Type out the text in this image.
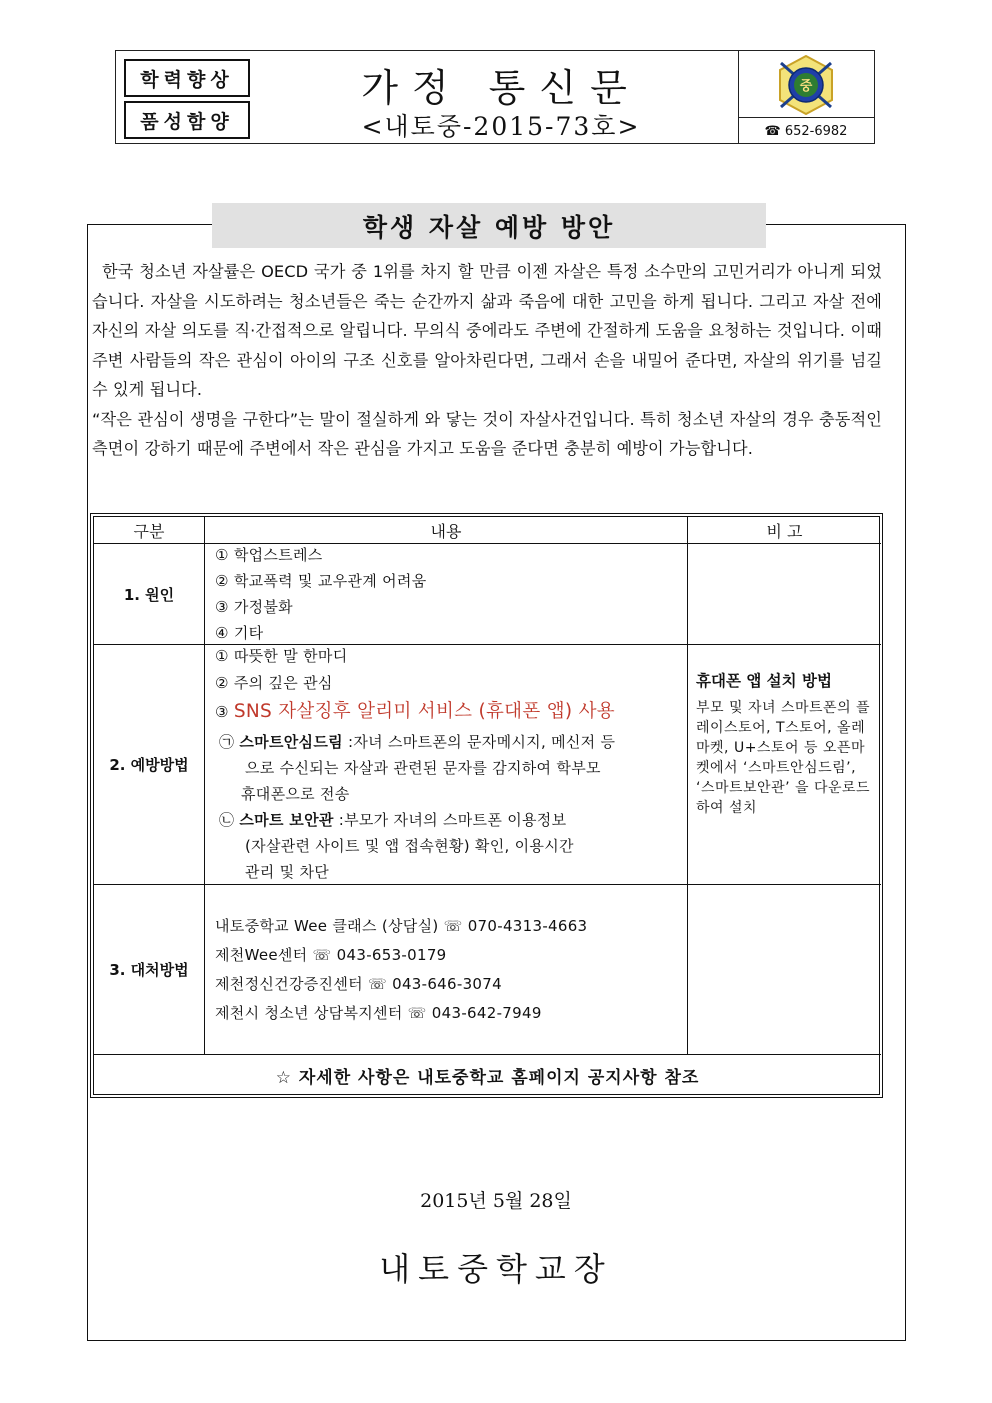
학력향상
품성함양
가정 통신문
<내토중-2015-73호>
중
☎ 652-6982
학생 자살 예방 방안

한국 청소년 자살률은 OECD 국가 중 1위를 차지 할 만큼 이젠 자살은 특정 소수만의 고민거리가 아니게 되었습니다. 자살을 시도하려는 청소년들은 죽는 순간까지 삶과 죽음에 대한 고민을 하게 됩니다. 그리고 자살 전에 자신의 자살 의도를 직·간접적으로 알립니다. 무의식 중에라도 주변에 간절하게 도움을 요청하는 것입니다. 이때 주변 사람들의 작은 관심이 아이의 구조 신호를 알아차린다면, 그래서 손을 내밀어 준다면, 자살의 위기를 넘길 수 있게 됩니다.

“작은 관심이 생명을 구한다”는 말이 절실하게 와 닿는 것이 자살사건입니다. 특히 청소년 자살의 경우 충동적인 측면이 강하기 때문에 주변에서 작은 관심을 가지고 도움을 준다면 충분히 예방이 가능합니다.

구분	내용	비 고
1. 원인
① 학업스트레스
② 학교폭력 및 교우관계 어려움
③ 가정불화
④ 기타
2. 예방방법
① 따뜻한 말 한마디
② 주의 깊은 관심
③ SNS 자살징후 알리미 서비스 (휴대폰 앱) 사용
㉠ 스마트안심드림 :자녀 스마트폰의 문자메시지, 메신저 등
으로 수신되는 자살과 관련된 문자를 감지하여 학부모
휴대폰으로 전송
㉡ 스마트 보안관 :부모가 자녀의 스마트폰 이용정보
(자살관련 사이트 및 앱 접속현황) 확인, 이용시간
관리 및 차단
휴대폰 앱 설치 방법
부모 및 자녀 스마트폰의 플레이스토어, T스토어, 올레마켓, U+스토어 등 오픈마켓에서 ‘스마트안심드림’, ‘스마트보안관’ 을 다운로드하여 설치
3. 대처방법
내토중학교 Wee 클래스 (상담실) ☏ 070-4313-4663
제천Wee센터 ☏ 043-653-0179
제천정신건강증진센터 ☏ 043-646-3074
제천시 청소년 상담복지센터 ☏ 043-642-7949
☆ 자세한 사항은 내토중학교 홈페이지 공지사항 참조
2015년 5월 28일
내토중학교장
